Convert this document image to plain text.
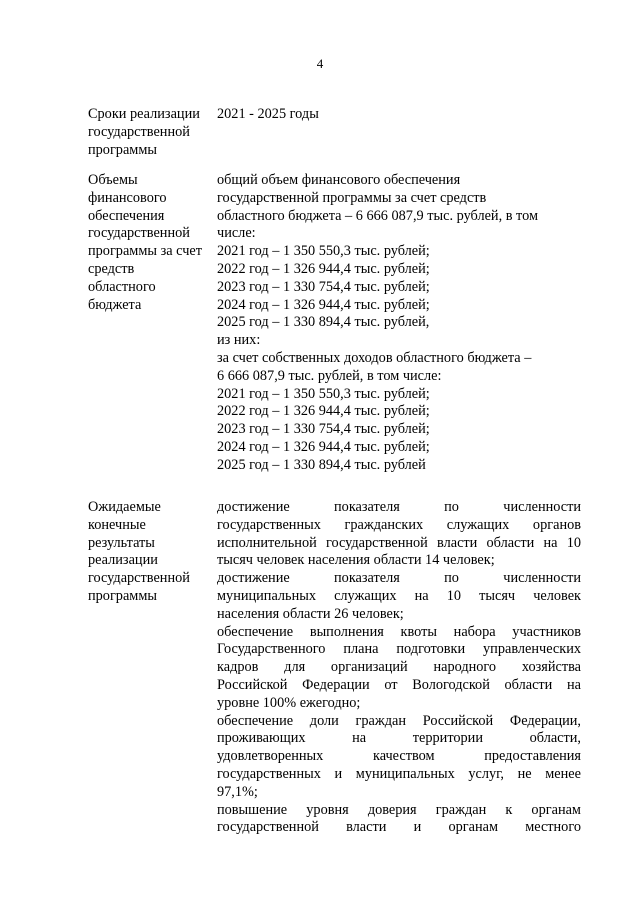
4
Сроки реализации
государственной
программы
2021 - 2025 годы
Объемы
финансового
обеспечения
государственной
программы за счет
средств
областного
бюджета
общий объем финансового обеспечения
государственной программы за счет средств
областного бюджета – 6 666 087,9 тыс. рублей, в том
числе:
2021 год – 1 350 550,3 тыс. рублей;
2022 год – 1 326 944,4 тыс. рублей;
2023 год – 1 330 754,4 тыс. рублей;
2024 год – 1 326 944,4 тыс. рублей;
2025 год – 1 330 894,4 тыс. рублей,
из них:
за счет собственных доходов областного бюджета –
6 666 087,9 тыс. рублей, в том числе:
2021 год – 1 350 550,3 тыс. рублей;
2022 год – 1 326 944,4 тыс. рублей;
2023 год – 1 330 754,4 тыс. рублей;
2024 год – 1 326 944,4 тыс. рублей;
2025 год – 1 330 894,4 тыс. рублей
Ожидаемые
конечные
результаты
реализации
государственной
программы
достижение показателя по численности
государственных гражданских служащих органов
исполнительной государственной власти области на 10
тысяч человек населения области 14 человек;
достижение показателя по численности
муниципальных служащих на 10 тысяч человек
населения области 26 человек;
обеспечение выполнения квоты набора участников
Государственного плана подготовки управленческих
кадров для организаций народного хозяйства
Российской Федерации от Вологодской области на
уровне 100% ежегодно;
обеспечение доли граждан Российской Федерации,
проживающих на территории области,
удовлетворенных качеством предоставления
государственных и муниципальных услуг, не менее
97,1%;
повышение уровня доверия граждан к органам
государственной власти и органам местного
